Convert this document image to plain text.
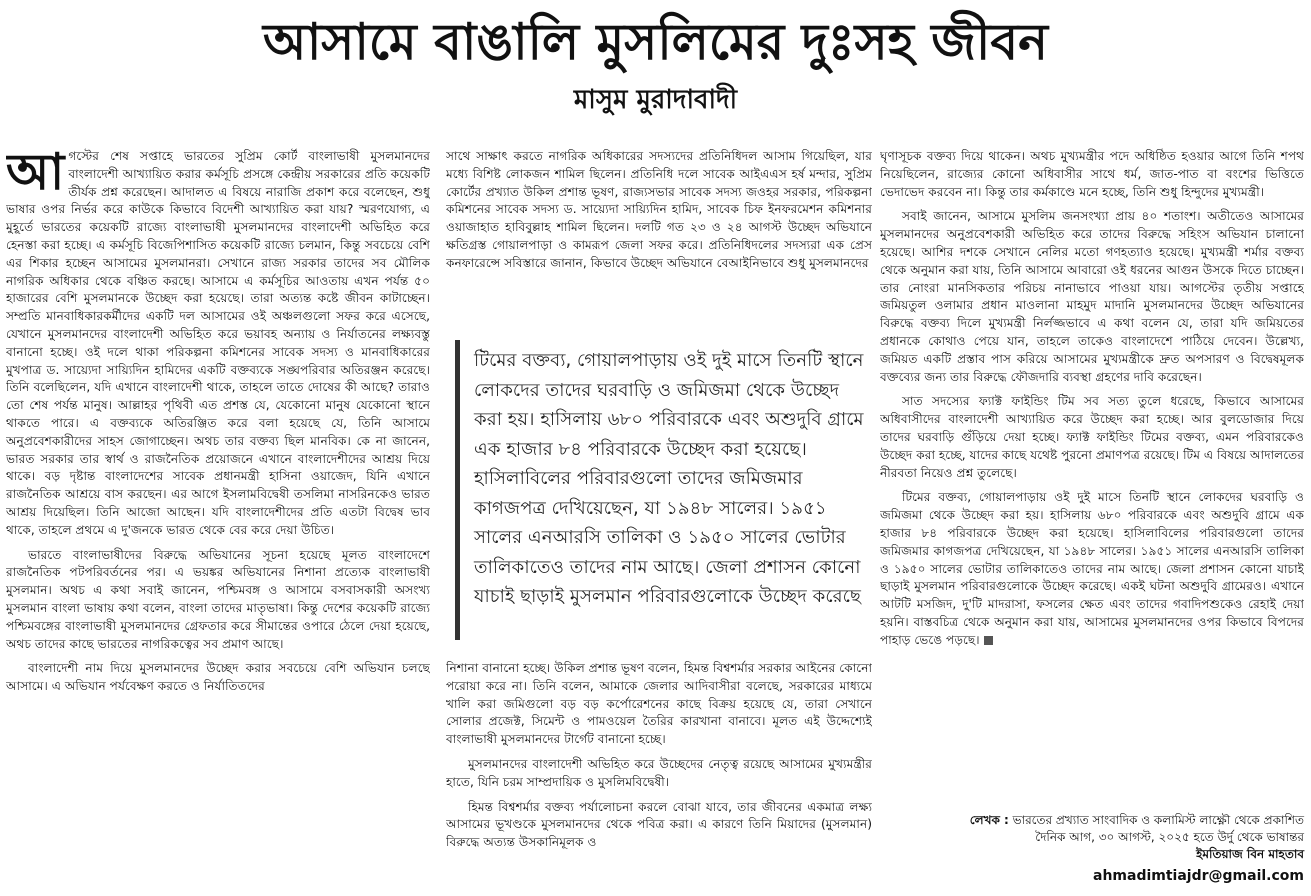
আসামে বাঙালি মুসলিমের দুঃসহ জীবন
মাসুম মুরাদাবাদী

আগস্টের শেষ সপ্তাহে ভারতের সুপ্রিম কোর্ট বাংলাভাষী মুসলমানদের বাংলাদেশী আখ্যায়িত করার কর্মসূচি প্রসঙ্গে কেন্দ্রীয় সরকারের প্রতি কয়েকটি তীর্যক প্রশ্ন করেছেন। আদালত এ বিষয়ে নারাজি প্রকাশ করে বলেছেন, শুধু ভাষার ওপর নির্ভর করে কাউকে কিভাবে বিদেশী আখ্যায়িত করা যায়? স্মরণযোগ্য, এ মুহূর্তে ভারতের কয়েকটি রাজ্যে বাংলাভাষী মুসলমানদের বাংলাদেশী অভিহিত করে হেনস্তা করা হচ্ছে। এ কর্মসূচি বিজেপিশাসিত কয়েকটি রাজ্যে চলমান, কিন্তু সবচেয়ে বেশি এর শিকার হচ্ছেন আসামের মুসলমানরা। সেখানে রাজ্য সরকার তাদের সব মৌলিক নাগরিক অধিকার থেকে বঞ্চিত করছে। আসামে এ কর্মসূচির আওতায় এখন পর্যন্ত ৫০ হাজারের বেশি মুসলমানকে উচ্ছেদ করা হয়েছে। তারা অত্যন্ত কষ্টে জীবন কাটাচ্ছেন। সম্প্রতি মানবাধিকারকর্মীদের একটি দল আসামের ওই অঞ্চলগুলো সফর করে এসেছে, যেখানে মুসলমানদের বাংলাদেশী অভিহিত করে ভয়াবহ অন্যায় ও নির্যাতনের লক্ষ্যবস্তু বানানো হচ্ছে। ওই দলে থাকা পরিকল্পনা কমিশনের সাবেক সদস্য ও মানবাধিকারের মুখপাত্র ড. সায়্যেদা সায়্যিদিন হামিদের একটি বক্তব্যকে সঙ্ঘপরিবার অতিরঞ্জন করেছে। তিনি বলেছিলেন, যদি এখানে বাংলাদেশী থাকে, তাহলে তাতে দোষের কী আছে? তারাও তো শেষ পর্যন্ত মানুষ। আল্লাহর পৃথিবী এত প্রশস্ত যে, যেকোনো মানুষ যেকোনো স্থানে থাকতে পারে। এ বক্তব্যকে অতিরঞ্জিত করে বলা হয়েছে যে, তিনি আসামে অনুপ্রবেশকারীদের সাহস জোগাচ্ছেন। অথচ তার বক্তব্য ছিল মানবিক। কে না জানেন, ভারত সরকার তার স্বার্থ ও রাজনৈতিক প্রয়োজনে এখানে বাংলাদেশীদের আশ্রয় দিয়ে থাকে। বড় দৃষ্টান্ত বাংলাদেশের সাবেক প্রধানমন্ত্রী হাসিনা ওয়াজেদ, যিনি এখানে রাজনৈতিক আশ্রয়ে বাস করছেন। এর আগে ইসলামবিদ্বেষী তসলিমা নাসরিনকেও ভারত আশ্রয় দিয়েছিল। তিনি আজো আছেন। যদি বাংলাদেশীদের প্রতি এতটা বিদ্বেষ ভাব থাকে, তাহলে প্রথমে এ দু'জনকে ভারত থেকে বের করে দেয়া উচিত।

ভারতে বাংলাভাষীদের বিরুদ্ধে অভিযানের সূচনা হয়েছে মূলত বাংলাদেশে রাজনৈতিক পটপরিবর্তনের পর। এ ভয়ঙ্কর অভিযানের নিশানা প্রত্যেক বাংলাভাষী মুসলমান। অথচ এ কথা সবাই জানেন, পশ্চিমবঙ্গ ও আসামে বসবাসকারী অসংখ্য মুসলমান বাংলা ভাষায় কথা বলেন, বাংলা তাদের মাতৃভাষা। কিন্তু দেশের কয়েকটি রাজ্যে পশ্চিমবঙ্গের বাংলাভাষী মুসলমানদের গ্রেফতার করে সীমান্তের ওপারে ঠেলে দেয়া হয়েছে, অথচ তাদের কাছে ভারতের নাগরিকত্বের সব প্রমাণ আছে।

বাংলাদেশী নাম দিয়ে মুসলমানদের উচ্ছেদ করার সবচেয়ে বেশি অভিযান চলছে আসামে। এ অভিযান পর্যবেক্ষণ করতে ও নির্যাতিতদের

সাথে সাক্ষাৎ করতে নাগরিক অধিকারের সদস্যদের প্রতিনিধিদল আসাম গিয়েছিল, যার মধ্যে বিশিষ্ট লোকজন শামিল ছিলেন। প্রতিনিধি দলে সাবেক আইএএস হর্ষ মন্দার, সুপ্রিম কোর্টের প্রখ্যাত উকিল প্রশান্ত ভূষণ, রাজ্যসভার সাবেক সদস্য জওহর সরকার, পরিকল্পনা কমিশনের সাবেক সদস্য ড. সায়্যেদা সায়্যিদিন হামিদ, সাবেক চিফ ইনফরমেশন কমিশনার ওয়াজাহাত হাবিবুল্লাহ শামিল ছিলেন। দলটি গত ২৩ ও ২৪ আগস্ট উচ্ছেদ অভিযানে ক্ষতিগ্রস্ত গোয়ালপাড়া ও কামরূপ জেলা সফর করে। প্রতিনিধিদলের সদস্যরা এক প্রেস কনফারেন্সে সবিস্তারে জানান, কিভাবে উচ্ছেদ অভিযানে বেআইনিভাবে শুধু মুসলমানদের

টিমের বক্তব্য, গোয়ালপাড়ায় ওই দুই মাসে তিনটি স্থানে লোকদের তাদের ঘরবাড়ি ও জমিজমা থেকে উচ্ছেদ করা হয়। হাসিলায় ৬৮০ পরিবারকে এবং অশুদুবি গ্রামে এক হাজার ৮৪ পরিবারকে উচ্ছেদ করা হয়েছে। হাসিলাবিলের পরিবারগুলো তাদের জমিজমার কাগজপত্র দেখিয়েছেন, যা ১৯৪৮ সালের। ১৯৫১ সালের এনআরসি তালিকা ও ১৯৫০ সালের ভোটার তালিকাতেও তাদের নাম আছে। জেলা প্রশাসন কোনো যাচাই ছাড়াই মুসলমান পরিবারগুলোকে উচ্ছেদ করেছে

নিশানা বানানো হচ্ছে। উকিল প্রশান্ত ভূষণ বলেন, হিমন্ত বিশ্বশর্মার সরকার আইনের কোনো পরোয়া করে না। তিনি বলেন, আমাকে জেলার আদিবাসীরা বলেছে, সরকারের মাধ্যমে খালি করা জমিগুলো বড় বড় কর্পোরেশনের কাছে বিক্রয় হয়েছে যে, তারা সেখানে সোলার প্রজেক্ট, সিমেন্ট ও পামওয়েল তৈরির কারখানা বানাবে। মূলত এই উদ্দেশ্যেই বাংলাভাষী মুসলমানদের টার্গেট বানানো হচ্ছে।

মুসলমানদের বাংলাদেশী অভিহিত করে উচ্ছেদের নেতৃত্ব রয়েছে আসামের মুখ্যমন্ত্রীর হাতে, যিনি চরম সাম্প্রদায়িক ও মুসলিমবিদ্বেষী।

হিমন্ত বিশ্বশর্মার বক্তব্য পর্যালোচনা করলে বোঝা যাবে, তার জীবনের একমাত্র লক্ষ্য আসামের ভূখণ্ডকে মুসলমানদের থেকে পবিত্র করা। এ কারণে তিনি মিয়াদের (মুসলমান) বিরুদ্ধে অত্যন্ত উসকানিমূলক ও

ঘৃণাসূচক বক্তব্য দিয়ে থাকেন। অথচ মুখ্যমন্ত্রীর পদে অধিষ্ঠিত হওয়ার আগে তিনি শপথ নিয়েছিলেন, রাজ্যের কোনো অধিবাসীর সাথে ধর্ম, জাত-পাত বা বংশের ভিত্তিতে ভেদাভেদ করবেন না। কিন্তু তার কর্মকাণ্ডে মনে হচ্ছে, তিনি শুধু হিন্দুদের মুখ্যমন্ত্রী।

সবাই জানেন, আসামে মুসলিম জনসংখ্যা প্রায় ৪০ শতাংশ। অতীতেও আসামের মুসলমানদের অনুপ্রবেশকারী অভিহিত করে তাদের বিরুদ্ধে সহিংস অভিযান চালানো হয়েছে। আশির দশকে সেখানে নেলির মতো গণহত্যাও হয়েছে। মুখ্যমন্ত্রী শর্মার বক্তব্য থেকে অনুমান করা যায়, তিনি আসামে আবারো ওই ধরনের আগুন উসকে দিতে চাচ্ছেন। তার নোংরা মানসিকতার পরিচয় নানাভাবে পাওয়া যায়। আগস্টের তৃতীয় সপ্তাহে জমিয়তুল ওলামার প্রধান মাওলানা মাহমুদ মাদানি মুসলমানদের উচ্ছেদ অভিযানের বিরুদ্ধে বক্তব্য দিলে মুখ্যমন্ত্রী নির্লজ্জভাবে এ কথা বলেন যে, তারা যদি জমিয়তের প্রধানকে কোথাও পেয়ে যান, তাহলে তাকেও বাংলাদেশে পাঠিয়ে দেবেন। উল্লেখ্য, জমিয়ত একটি প্রস্তাব পাস করিয়ে আসামের মুখ্যমন্ত্রীকে দ্রুত অপসারণ ও বিদ্বেষমূলক বক্তব্যের জন্য তার বিরুদ্ধে ফৌজদারি ব্যবস্থা গ্রহণের দাবি করেছেন।

সাত সদস্যের ফ্যাক্ট ফাইন্ডিং টিম সব সত্য তুলে ধরেছে, কিভাবে আসামের অধিবাসীদের বাংলাদেশী আখ্যায়িত করে উচ্ছেদ করা হচ্ছে। আর বুলডোজার দিয়ে তাদের ঘরবাড়ি গুঁড়িয়ে দেয়া হচ্ছে। ফ্যাক্ট ফাইন্ডিং টিমের বক্তব্য, এমন পরিবারকেও উচ্ছেদ করা হচ্ছে, যাদের কাছে যথেষ্ট পুরনো প্রমাণপত্র রয়েছে। টিম এ বিষয়ে আদালতের নীরবতা নিয়েও প্রশ্ন তুলেছে।

টিমের বক্তব্য, গোয়ালপাড়ায় ওই দুই মাসে তিনটি স্থানে লোকদের ঘরবাড়ি ও জমিজমা থেকে উচ্ছেদ করা হয়। হাসিলায় ৬৮০ পরিবারকে এবং অশুদুবি গ্রামে এক হাজার ৮৪ পরিবারকে উচ্ছেদ করা হয়েছে। হাসিলাবিলের পরিবারগুলো তাদের জমিজমার কাগজপত্র দেখিয়েছেন, যা ১৯৪৮ সালের। ১৯৫১ সালের এনআরসি তালিকা ও ১৯৫০ সালের ভোটার তালিকাতেও তাদের নাম আছে। জেলা প্রশাসন কোনো যাচাই ছাড়াই মুসলমান পরিবারগুলোকে উচ্ছেদ করেছে। একই ঘটনা অশুদুবি গ্রামেরও। এখানে আটটি মসজিদ, দু'টি মাদরাসা, ফসলের ক্ষেত এবং তাদের গবাদিপশুকেও রেহাই দেয়া হয়নি। বাস্তবচিত্র থেকে অনুমান করা যায়, আসামের মুসলমানদের ওপর কিভাবে বিপদের পাহাড় ভেঙে পড়ছে।

লেখক : ভারতের প্রখ্যাত সাংবাদিক ও কলামিস্ট লাক্ষ্ণৌ থেকে প্রকাশিত দৈনিক আগ, ৩০ আগস্ট, ২০২৫ হতে উর্দু থেকে ভাষান্তর
ইমতিয়াজ বিন মাহতাব
ahmadimtiajdr@gmail.com
